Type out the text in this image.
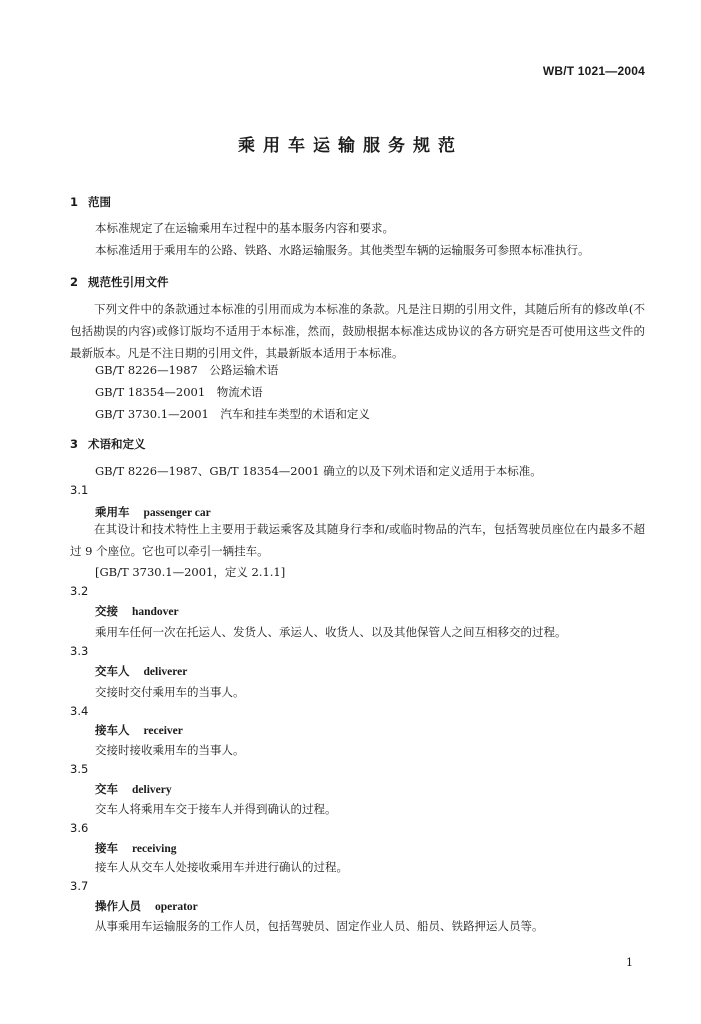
WB/T 1021—2004
乘用车运输服务规范
1 范围
本标准规定了在运输乘用车过程中的基本服务内容和要求。
本标准适用于乘用车的公路、铁路、水路运输服务。其他类型车辆的运输服务可参照本标准执行。
2 规范性引用文件
下列文件中的条款通过本标准的引用而成为本标准的条款。凡是注日期的引用文件，其随后所有的修改单(不包括勘误的内容)或修订版均不适用于本标准，然而，鼓励根据本标准达成协议的各方研究是否可使用这些文件的最新版本。凡是不注日期的引用文件，其最新版本适用于本标准。
GB/T 8226—1987　公路运输术语
GB/T 18354—2001　物流术语
GB/T 3730.1—2001　汽车和挂车类型的术语和定义
3 术语和定义
GB/T 8226—1987、GB/T 18354—2001 确立的以及下列术语和定义适用于本标准。
3.1
乘用车 passenger car
在其设计和技术特性上主要用于载运乘客及其随身行李和/或临时物品的汽车，包括驾驶员座位在内最多不超过 9 个座位。它也可以牵引一辆挂车。
[GB/T 3730.1—2001，定义 2.1.1]
3.2
交接 handover
乘用车任何一次在托运人、发货人、承运人、收货人、以及其他保管人之间互相移交的过程。
3.3
交车人 deliverer
交接时交付乘用车的当事人。
3.4
接车人 receiver
交接时接收乘用车的当事人。
3.5
交车 delivery
交车人将乘用车交于接车人并得到确认的过程。
3.6
接车 receiving
接车人从交车人处接收乘用车并进行确认的过程。
3.7
操作人员 operator
从事乘用车运输服务的工作人员，包括驾驶员、固定作业人员、船员、铁路押运人员等。
1
